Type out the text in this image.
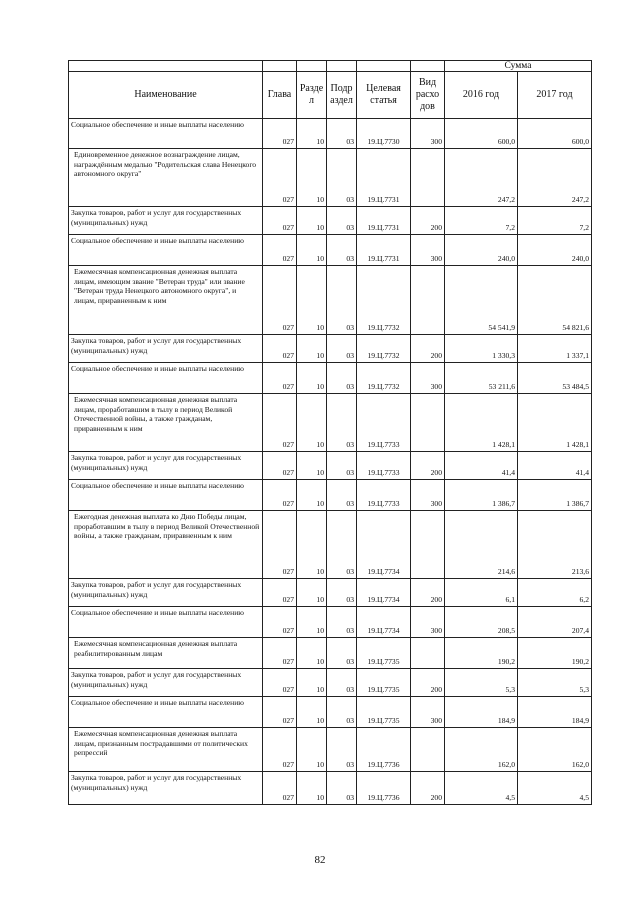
						Сумма	
Наименование	Глава	Разде л	Подр аздел	Целевая статья	Вид расхо дов	2016 год	2017 год
Социальное обеспечение и иные выплаты населению	027	10	03	19.Ц.7730	300	600,0	600,0
Единовременное денежное вознаграждение лицам, награждённым медалью "Родительская слава Ненецкого автономного округа"	027	10	03	19.Ц.7731		247,2	247,2
Закупка товаров, работ и услуг для государственных (муниципальных) нужд	027	10	03	19.Ц.7731	200	7,2	7,2
Социальное обеспечение и иные выплаты населению	027	10	03	19.Ц.7731	300	240,0	240,0
Ежемесячная компенсационная денежная выплата лицам, имеющим звание "Ветеран труда" или звание "Ветеран труда Ненецкого автономного округа", и лицам, приравненным к ним	027	10	03	19.Ц.7732		54 541,9	54 821,6
Закупка товаров, работ и услуг для государственных (муниципальных) нужд	027	10	03	19.Ц.7732	200	1 330,3	1 337,1
Социальное обеспечение и иные выплаты населению	027	10	03	19.Ц.7732	300	53 211,6	53 484,5
Ежемесячная компенсационная денежная выплата лицам, проработавшим в тылу в период Великой Отечественной войны, а также гражданам, приравненным к ним	027	10	03	19.Ц.7733		1 428,1	1 428,1
Закупка товаров, работ и услуг для государственных (муниципальных) нужд	027	10	03	19.Ц.7733	200	41,4	41,4
Социальное обеспечение и иные выплаты населению	027	10	03	19.Ц.7733	300	1 386,7	1 386,7
Ежегодная денежная выплата ко Дню Победы лицам, проработавшим в тылу в период Великой Отечественной войны, а также гражданам, приравненным к ним	027	10	03	19.Ц.7734		214,6	213,6
Закупка товаров, работ и услуг для государственных (муниципальных) нужд	027	10	03	19.Ц.7734	200	6,1	6,2
Социальное обеспечение и иные выплаты населению	027	10	03	19.Ц.7734	300	208,5	207,4
Ежемесячная компенсационная денежная выплата реабилитированным лицам	027	10	03	19.Ц.7735		190,2	190,2
Закупка товаров, работ и услуг для государственных (муниципальных) нужд	027	10	03	19.Ц.7735	200	5,3	5,3
Социальное обеспечение и иные выплаты населению	027	10	03	19.Ц.7735	300	184,9	184,9
Ежемесячная компенсационная денежная выплата лицам, признанным пострадавшими от политических репрессий	027	10	03	19.Ц.7736		162,0	162,0
Закупка товаров, работ и услуг для государственных (муниципальных) нужд	027	10	03	19.Ц.7736	200	4,5	4,5
82
